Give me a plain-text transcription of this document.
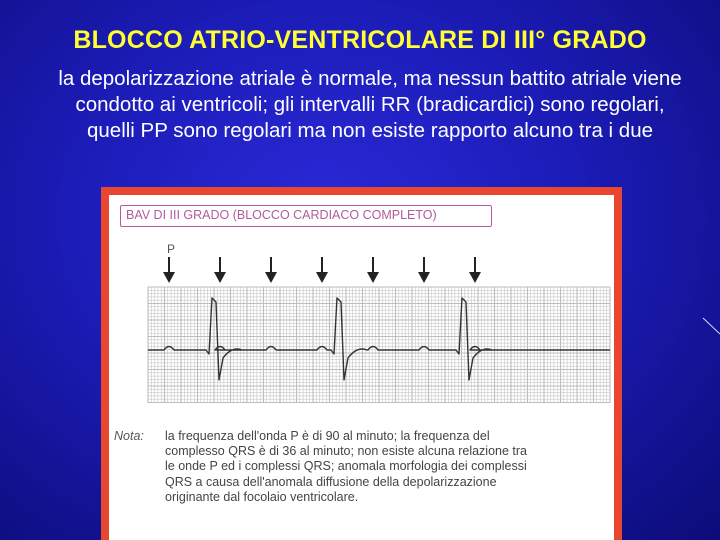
BLOCCO ATRIO-VENTRICOLARE DI III° GRADO
la depolarizzazione atriale è normale, ma nessun battito atriale viene condotto ai ventricoli; gli intervalli RR (bradicardici) sono regolari, quelli PP sono regolari ma non esiste rapporto alcuno tra i due
BAV DI III GRADO (BLOCCO CARDIACO COMPLETO)
P
Nota: la frequenza dell'onda P è di 90 al minuto; la frequenza del
complesso QRS è di 36 al minuto; non esiste alcuna relazione tra
le onde P ed i complessi QRS; anomala morfologia dei complessi
QRS a causa dell'anomala diffusione della depolarizzazione
originante dal focolaio ventricolare.
